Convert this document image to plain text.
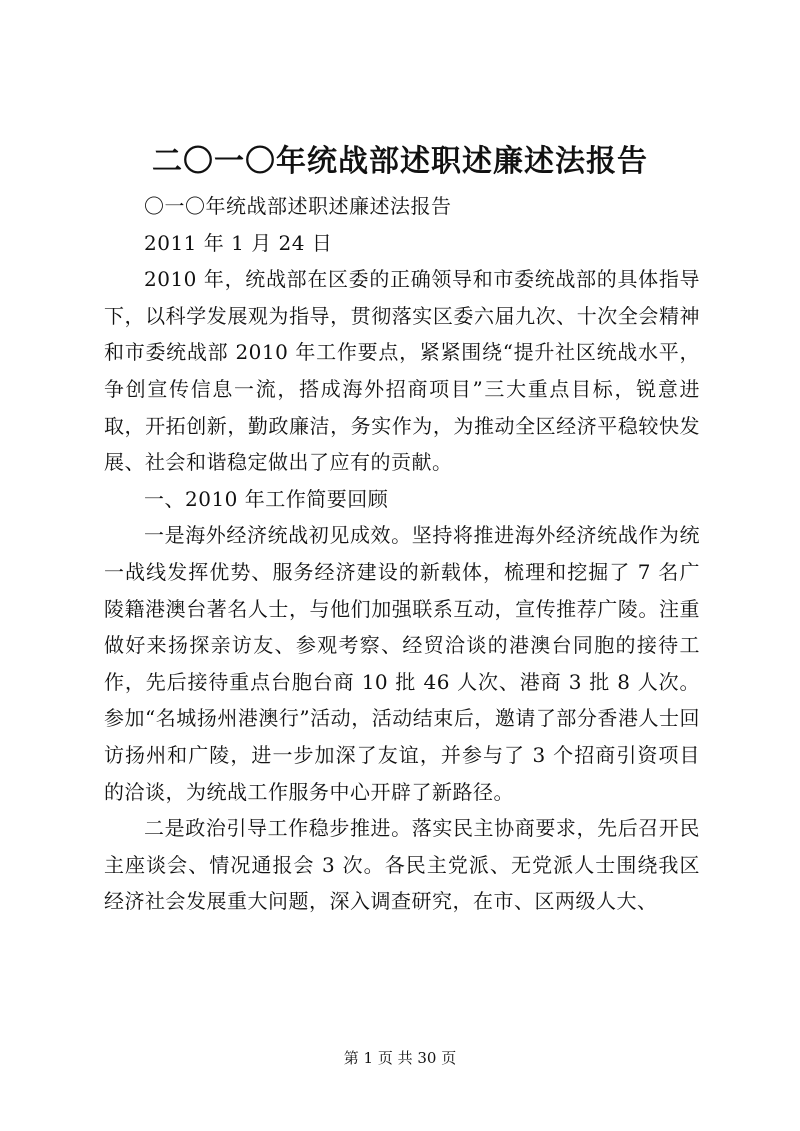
二〇一〇年统战部述职述廉述法报告

〇一〇年统战部述职述廉述法报告

2011 年 1 月 24 日

2010 年，统战部在区委的正确领导和市委统战部的具体指导下，以科学发展观为指导，贯彻落实区委六届九次、十次全会精神和市委统战部 2010 年工作要点，紧紧围绕“提升社区统战水平，争创宣传信息一流，搭成海外招商项目”三大重点目标，锐意进取，开拓创新，勤政廉洁，务实作为，为推动全区经济平稳较快发展、社会和谐稳定做出了应有的贡献。

一、2010 年工作简要回顾

一是海外经济统战初见成效。坚持将推进海外经济统战作为统一战线发挥优势、服务经济建设的新载体，梳理和挖掘了 7 名广陵籍港澳台著名人士，与他们加强联系互动，宣传推荐广陵。注重做好来扬探亲访友、参观考察、经贸洽谈的港澳台同胞的接待工作，先后接待重点台胞台商 10 批 46 人次、港商 3 批 8 人次。参加“名城扬州港澳行”活动，活动结束后，邀请了部分香港人士回访扬州和广陵，进一步加深了友谊，并参与了 3 个招商引资项目的洽谈，为统战工作服务中心开辟了新路径。

二是政治引导工作稳步推进。落实民主协商要求，先后召开民主座谈会、情况通报会 3 次。各民主党派、无党派人士围绕我区经济社会发展重大问题，深入调查研究，在市、区两级人大、

第 1 页 共 30 页
